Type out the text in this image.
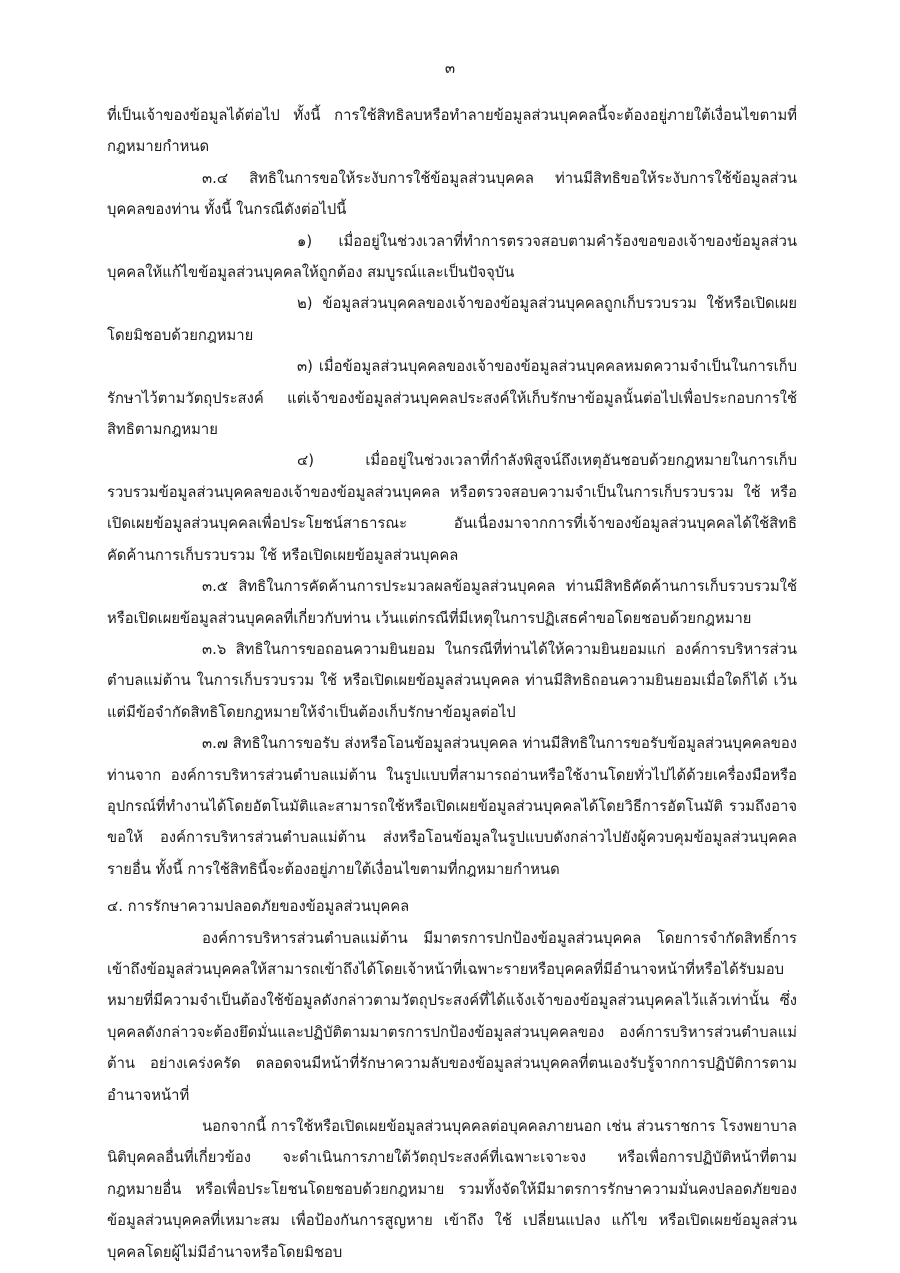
๓

ที่เป็นเจ้าของข้อมูลได้ต่อไป ทั้งนี้ การใช้สิทธิลบหรือทำลายข้อมูลส่วนบุคคลนี้จะต้องอยู่ภายใต้เงื่อนไขตามที่กฎหมายกำหนด

๓.๔ สิทธิในการขอให้ระงับการใช้ข้อมูลส่วนบุคคล ท่านมีสิทธิขอให้ระงับการใช้ข้อมูลส่วนบุคคลของท่าน ทั้งนี้ ในกรณีดังต่อไปนี้

๑) เมื่ออยู่ในช่วงเวลาที่ทำการตรวจสอบตามคำร้องขอของเจ้าของข้อมูลส่วนบุคคลให้แก้ไขข้อมูลส่วนบุคคลให้ถูกต้อง สมบูรณ์และเป็นปัจจุบัน

๒) ข้อมูลส่วนบุคคลของเจ้าของข้อมูลส่วนบุคคลถูกเก็บรวบรวม ใช้หรือเปิดเผยโดยมิชอบด้วยกฎหมาย

๓) เมื่อข้อมูลส่วนบุคคลของเจ้าของข้อมูลส่วนบุคคลหมดความจำเป็นในการเก็บรักษาไว้ตามวัตถุประสงค์ แต่เจ้าของข้อมูลส่วนบุคคลประสงค์ให้เก็บรักษาข้อมูลนั้นต่อไปเพื่อประกอบการใช้สิทธิตามกฎหมาย

๔) เมื่ออยู่ในช่วงเวลาที่กำลังพิสูจน์ถึงเหตุอันชอบด้วยกฎหมายในการเก็บรวบรวมข้อมูลส่วนบุคคลของเจ้าของข้อมูลส่วนบุคคล หรือตรวจสอบความจำเป็นในการเก็บรวบรวม ใช้ หรือเปิดเผยข้อมูลส่วนบุคคลเพื่อประโยชน์สาธารณะ อันเนื่องมาจากการที่เจ้าของข้อมูลส่วนบุคคลได้ใช้สิทธิคัดค้านการเก็บรวบรวม ใช้ หรือเปิดเผยข้อมูลส่วนบุคคล

๓.๕ สิทธิในการคัดค้านการประมวลผลข้อมูลส่วนบุคคล ท่านมีสิทธิคัดค้านการเก็บรวบรวมใช้หรือเปิดเผยข้อมูลส่วนบุคคลที่เกี่ยวกับท่าน เว้นแต่กรณีที่มีเหตุในการปฏิเสธคำขอโดยชอบด้วยกฎหมาย

๓.๖ สิทธิในการขอถอนความยินยอม ในกรณีที่ท่านได้ให้ความยินยอมแก่ องค์การบริหารส่วนตำบลแม่ต้าน ในการเก็บรวบรวม ใช้ หรือเปิดเผยข้อมูลส่วนบุคคล ท่านมีสิทธิถอนความยินยอมเมื่อใดก็ได้ เว้นแต่มีข้อจำกัดสิทธิโดยกฎหมายให้จำเป็นต้องเก็บรักษาข้อมูลต่อไป

๓.๗ สิทธิในการขอรับ ส่งหรือโอนข้อมูลส่วนบุคคล ท่านมีสิทธิในการขอรับข้อมูลส่วนบุคคลของท่านจาก องค์การบริหารส่วนตำบลแม่ต้าน ในรูปแบบที่สามารถอ่านหรือใช้งานโดยทั่วไปได้ด้วยเครื่องมือหรืออุปกรณ์ที่ทำงานได้โดยอัตโนมัติและสามารถใช้หรือเปิดเผยข้อมูลส่วนบุคคลได้โดยวิธีการอัตโนมัติ รวมถึงอาจขอให้ องค์การบริหารส่วนตำบลแม่ต้าน ส่งหรือโอนข้อมูลในรูปแบบดังกล่าวไปยังผู้ควบคุมข้อมูลส่วนบุคคลรายอื่น ทั้งนี้ การใช้สิทธินี้จะต้องอยู่ภายใต้เงื่อนไขตามที่กฎหมายกำหนด

๔. การรักษาความปลอดภัยของข้อมูลส่วนบุคคล

องค์การบริหารส่วนตำบลแม่ต้าน มีมาตรการปกป้องข้อมูลส่วนบุคคล โดยการจำกัดสิทธิ์การเข้าถึงข้อมูลส่วนบุคคลให้สามารถเข้าถึงได้โดยเจ้าหน้าที่เฉพาะรายหรือบุคคลที่มีอำนาจหน้าที่หรือได้รับมอบหมายที่มีความจำเป็นต้องใช้ข้อมูลดังกล่าวตามวัตถุประสงค์ที่ได้แจ้งเจ้าของข้อมูลส่วนบุคคลไว้แล้วเท่านั้น ซึ่งบุคคลดังกล่าวจะต้องยึดมั่นและปฏิบัติตามมาตรการปกป้องข้อมูลส่วนบุคคลของ องค์การบริหารส่วนตำบลแม่ต้าน อย่างเคร่งครัด ตลอดจนมีหน้าที่รักษาความลับของข้อมูลส่วนบุคคลที่ตนเองรับรู้จากการปฏิบัติการตามอำนาจหน้าที่

นอกจากนี้ การใช้หรือเปิดเผยข้อมูลส่วนบุคคลต่อบุคคลภายนอก เช่น ส่วนราชการ โรงพยาบาล นิติบุคคลอื่นที่เกี่ยวข้อง จะดำเนินการภายใต้วัตถุประสงค์ที่เฉพาะเจาะจง หรือเพื่อการปฏิบัติหน้าที่ตามกฎหมายอื่น หรือเพื่อประโยชนโดยชอบด้วยกฎหมาย รวมทั้งจัดให้มีมาตรการรักษาความมั่นคงปลอดภัยของข้อมูลส่วนบุคคลที่เหมาะสม เพื่อป้องกันการสูญหาย เข้าถึง ใช้ เปลี่ยนแปลง แก้ไข หรือเปิดเผยข้อมูลส่วนบุคคลโดยผู้ไม่มีอำนาจหรือโดยมิชอบ
